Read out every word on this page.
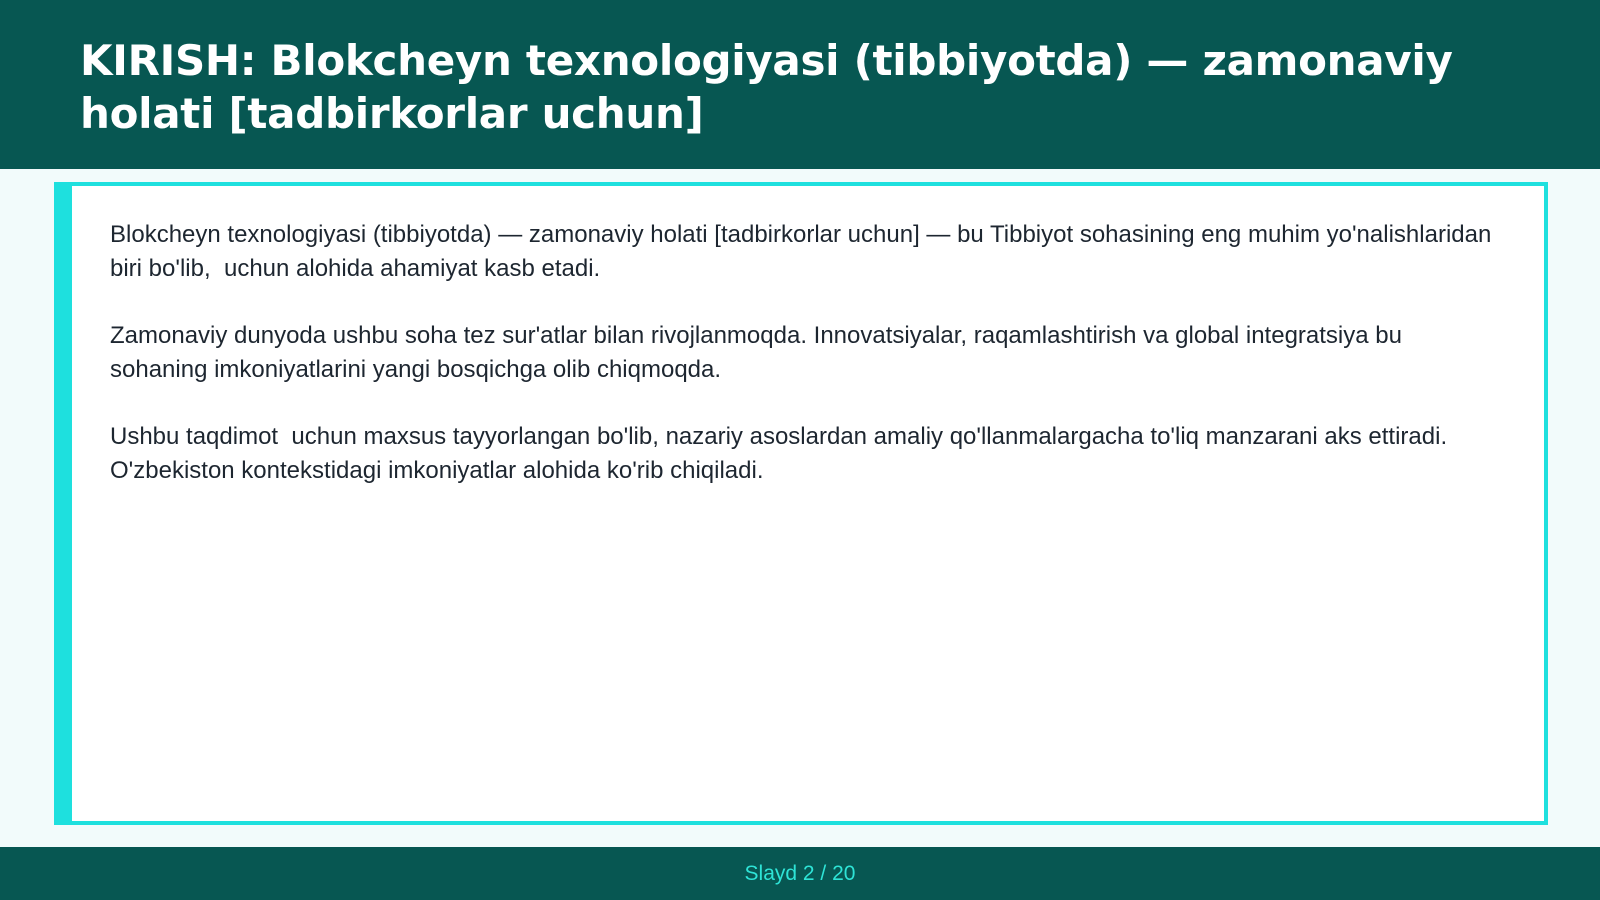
KIRISH: Blokcheyn texnologiyasi (tibbiyotda) — zamonaviy holati [tadbirkorlar uchun]

Blokcheyn texnologiyasi (tibbiyotda) — zamonaviy holati [tadbirkorlar uchun] — bu Tibbiyot sohasining eng muhim yo'nalishlaridan biri bo'lib,  uchun alohida ahamiyat kasb etadi.

Zamonaviy dunyoda ushbu soha tez sur'atlar bilan rivojlanmoqda. Innovatsiyalar, raqamlashtirish va global integratsiya bu sohaning imkoniyatlarini yangi bosqichga olib chiqmoqda.

Ushbu taqdimot  uchun maxsus tayyorlangan bo'lib, nazariy asoslardan amaliy qo'llanmalargacha to'liq manzarani aks ettiradi. O'zbekiston kontekstidagi imkoniyatlar alohida ko'rib chiqiladi.

Slayd 2 / 20
